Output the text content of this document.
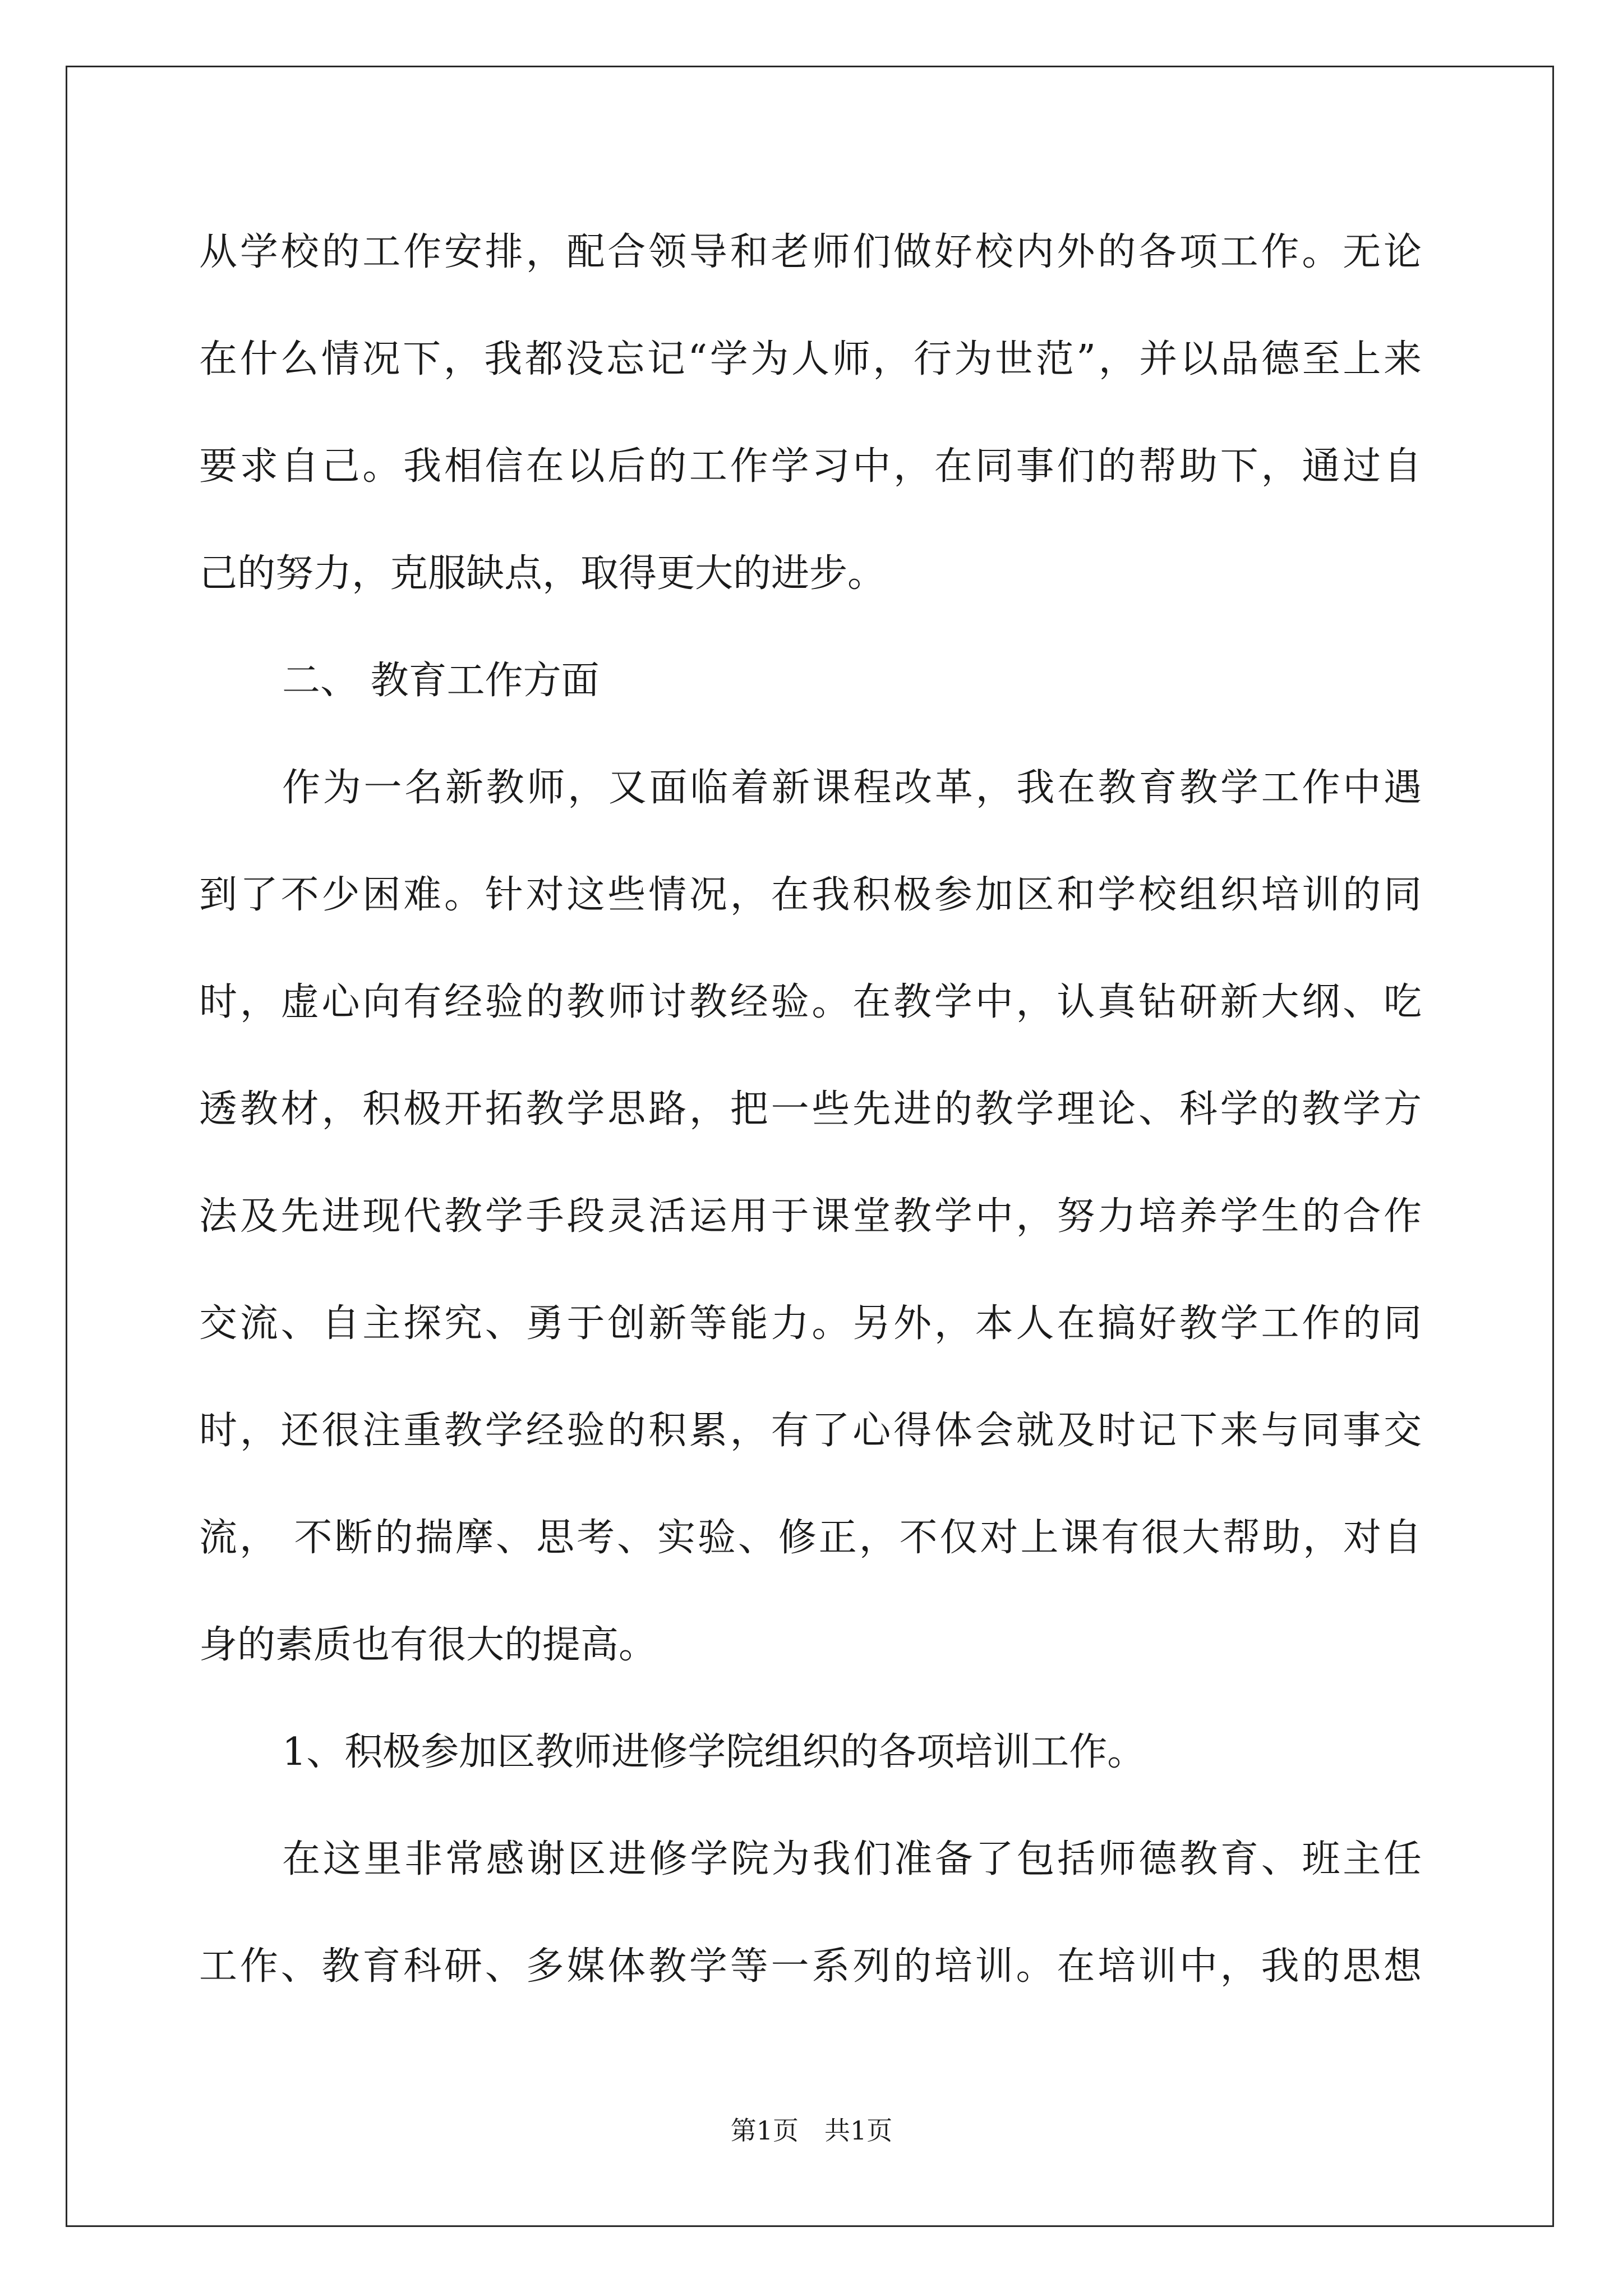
从学校的工作安排，配合领导和老师们做好校内外的各项工作。无论
在什么情况下，我都没忘记“学为人师，行为世范”，并以品德至上来
要求自己。我相信在以后的工作学习中，在同事们的帮助下，通过自
己的努力，克服缺点，取得更大的进步。
二、 教育工作方面
作为一名新教师，又面临着新课程改革，我在教育教学工作中遇
到了不少困难。针对这些情况，在我积极参加区和学校组织培训的同
时，虚心向有经验的教师讨教经验。在教学中，认真钻研新大纲、吃
透教材，积极开拓教学思路，把一些先进的教学理论、科学的教学方
法及先进现代教学手段灵活运用于课堂教学中，努力培养学生的合作
交流、自主探究、勇于创新等能力。另外，本人在搞好教学工作的同
时，还很注重教学经验的积累，有了心得体会就及时记下来与同事交
流， 不断的揣摩、思考、实验、修正，不仅对上课有很大帮助，对自
身的素质也有很大的提高。
1、积极参加区教师进修学院组织的各项培训工作。
在这里非常感谢区进修学院为我们准备了包括师德教育、班主任
工作、教育科研、多媒体教学等一系列的培训。在培训中，我的思想
第1页 共1页
